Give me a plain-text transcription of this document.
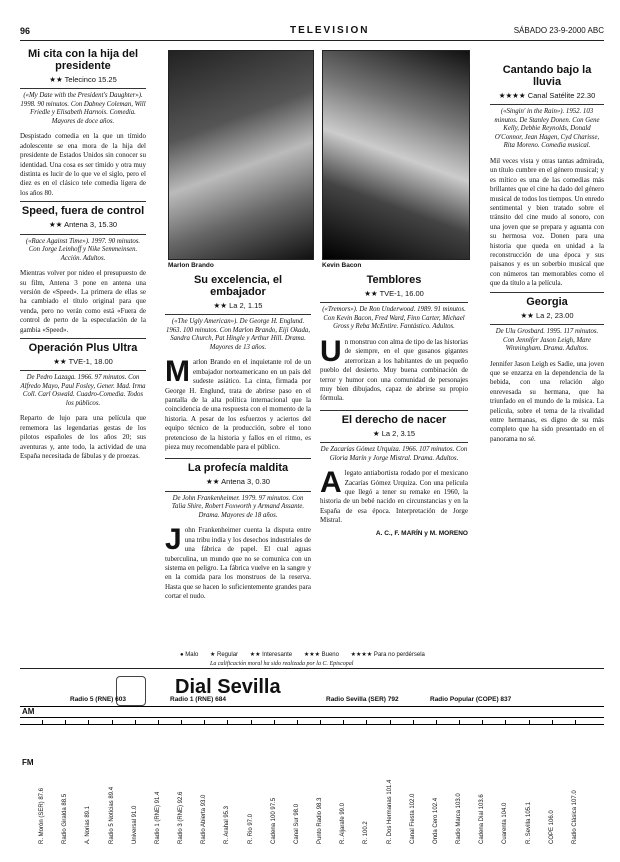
96	TELEVISION	SÁBADO 23-9-2000 ABC
Mi cita con la hija del presidente
★★ Telecinco 15.25
(«My Date with the President's Daughter»). 1998. 90 minutos. Con Dabney Coleman, Will Friedle y Elisabeth Harnois. Comedia. Mayores de doce años.

Despistado comedia en la que un tímido adolescente se ena mora de la hija del presidente de Estados Unidos sin conocer su identidad. Una cosa es ser tímido y otra muy distinta es lucir de lo que ve el siglo, pero el diez es en el clásico tele comedia ligera de los años 80.

Speed, fuera de control
★★ Antena 3, 15.30
(«Race Against Time»). 1997. 90 minutos. Con Jorge Leinhoff y Nike Semmeinsen. Acción. Adultos.

Mientras volver por nideo el presupuesto de su film, Antena 3 pone en antena una versión de «Speed». La primera de ellas se ha cambiado el título original para que venda, pero no verán como está «Fuera de control de perto de la especulación de la gambia «Speed».

Operación Plus Ultra
★★ TVE-1, 18.00
De Pedro Lazaga. 1966. 97 minutos. Con Alfredo Mayo, Paul Fosley, Gener. Mad. Irma Coll. Carl Oswald. Cuadro-Comedia. Todos los públicos.

Reparto de lujo para una película que rememora las legendarias gestas de los pilotos españoles de los años 20; sus aventuras y, ante todo, la actividad de una España necesitada de fábulas y de proezas.

Marlon Brando	Kevin Bacon
Su excelencia, el embajador
★★ La 2, 1.15
(«The Ugly American»). De George H. Englund. 1963. 100 minutos. Con Marlon Brando, Eiji Okada, Sandra Church, Pat Hingle y Arthur Hill. Drama. Mayores de 13 años.

Marlon Brando en el inquietante rol de un embajador norteamericano en un país del sudeste asiático. La cinta, firmada por George H. Englund, trata de abrirse paso en el pantalla de la alta política internacional que la coincidencia de una respuesta con el momento de la historia. A pesar de los esfuerzos y aciertos del equipo técnico de la producción, sobre el tono pretencioso de la historia y fallos en el ritmo, es pieza muy recomendable para el público.

La profecía maldita
★★ Antena 3, 0.30
De John Frankenheimer. 1979. 97 minutos. Con Talia Shire, Robert Foxworth y Armand Assante. Drama. Mayores de 18 años.

John Frankenheimer cuenta la disputa entre una tribu india y los desechos industriales de una fábrica de papel. El cual aguas tuberculina, un mundo que no se comunica con un sistema en peligro. La fábrica vuelve en la sangre y en la comida para los monstruos de la reserva. Hasta que se hacen lo suficientemente grandes para cortar el nudo.

Temblores
★★ TVE-1, 16.00
(«Tremors»). De Ron Underwood. 1989. 91 minutos. Con Kevin Bacon, Fred Ward, Finn Carter, Michael Gross y Reba McEntire. Fantástico. Adultos.

Un monstruo con alma de tipo de las historias de siempre, en el que gusanos gigantes aterrorizan a los habitantes de un pequeño pueblo del desierto. Muy buena combinación de terror y humor con una comunidad de personajes muy bien dibujados, capaz de abrirse su propio fórmula.

El derecho de nacer
★ La 2, 3.15
De Zacarías Gómez Urquiza. 1966. 107 minutos. Con Gloria Marín y Jorge Mistral. Drama. Adultos.

Alegato antiabortista rodado por el mexicano Zacarías Gómez Urquiza. Con una película que llegó a tener su remake en 1960, la historia de un bebé nacido en circunstancias y en la España de esa época. Interpretación de Jorge Mistral.

A. C., F. MARÍN y M. MORENO

Cantando bajo la lluvia
★★★★ Canal Satélite 22.30
(«Singin' in the Rain»). 1952. 103 minutos. De Stanley Donen. Con Gene Kelly, Debbie Reynolds, Donald O'Connor, Jean Hagen, Cyd Charisse, Rita Moreno. Comedia musical.

Mil veces vista y otras tantas admirada, un título cumbre en el género musical; y es mítico es una de las comedias más brillantes que el cine ha dado del género musical de todos los tiempos. Un enredo sentimental y bien tratado sobre el tránsito del cine mudo al sonoro, con una joven que se prepara y aguanta con su hermosa voz. Donen para una historia que queda en unidad a la reconstrucción de una época y sus paisanos y es un soberbio musical que con números tan memorables como el que da título a la película.

Georgia
★★ La 2, 23.00
De Ulu Grosbard. 1995. 117 minutos. Con Jennifer Jason Leigh, Mare Winningham. Drama. Adultos.

Jennifer Jason Leigh es Sadie, una joven que se enzarza en la dependencia de la bebida, con una relación algo enrevesada su hermana, que ha triunfado en el mundo de la música. La película, sobre el tema de la rivalidad entre hermanas, es digno de su más completo que ha sido presentado en el panorama no sé.

● Malo ★ Regular ★★ Interesante ★★★ Bueno ★★★★ Para no perdérsela
La calificación moral ha sido realizada por la C. Episcopal
Dial Sevilla
AM
Radio 5 (RNE) 603	Radio 1 (RNE) 684	Radio Sevilla (SER) 792	Radio Popular (COPE) 837
FM
R. Morón (SER) 87.6	Radio Giralda 88.5	A. Norias 89.1	Radio 5 Noticias 89.4	Universal 91.0	Radio 1 (RNE) 91.4	Radio 3 (RNE) 92.6	Radio Abierta 93.0	R. Arahal 95.3	R. Rio 97.0	Cadena 100 97.5	Canal Sur 98.0	Punto Radio 98.3	R. Aljarafe 99.0	R. 100.2	R. Dos Hermanas 101.4	Canal Fiesta 102.0	Onda Cero 102.4	Radio Marca 103.0	Cadena Dial 103.6	Cuarenta 104.0	R. Sevilla 105.1	COPE 106.0	Radio Clásica 107.0
